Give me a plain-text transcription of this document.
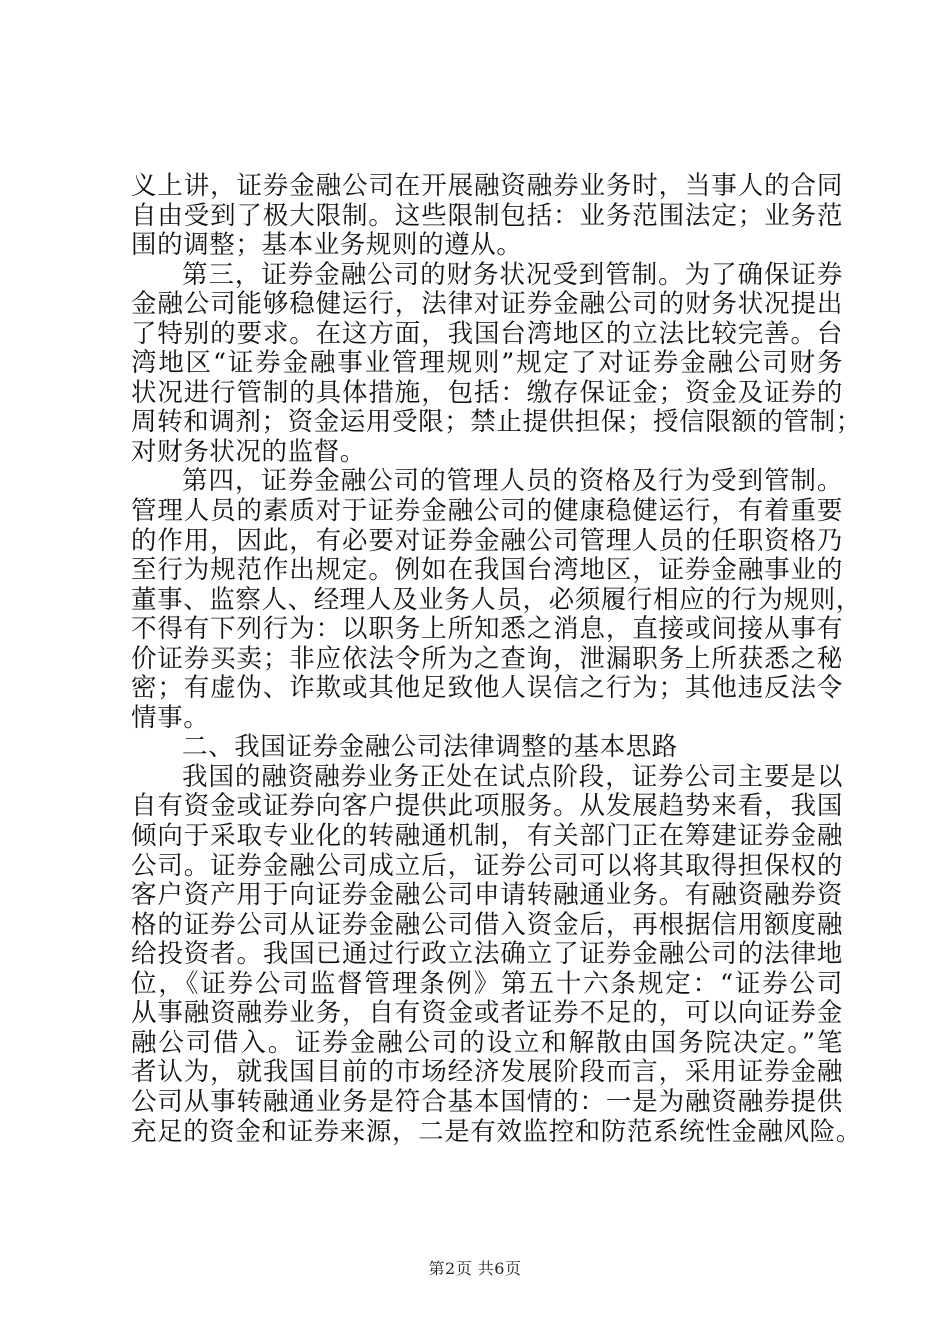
义上讲，证券金融公司在开展融资融券业务时，当事人的合同
自由受到了极大限制。这些限制包括：业务范围法定；业务范
围的调整；基本业务规则的遵从。
第三，证券金融公司的财务状况受到管制。为了确保证券
金融公司能够稳健运行，法律对证券金融公司的财务状况提出
了特别的要求。在这方面，我国台湾地区的立法比较完善。台
湾地区“证券金融事业管理规则”规定了对证券金融公司财务
状况进行管制的具体措施，包括：缴存保证金；资金及证券的
周转和调剂；资金运用受限；禁止提供担保；授信限额的管制；
对财务状况的监督。
第四，证券金融公司的管理人员的资格及行为受到管制。
管理人员的素质对于证券金融公司的健康稳健运行，有着重要
的作用，因此，有必要对证券金融公司管理人员的任职资格乃
至行为规范作出规定。例如在我国台湾地区，证券金融事业的
董事、监察人、经理人及业务人员，必须履行相应的行为规则，
不得有下列行为：以职务上所知悉之消息，直接或间接从事有
价证券买卖；非应依法令所为之查询，泄漏职务上所获悉之秘
密；有虚伪、诈欺或其他足致他人误信之行为；其他违反法令
情事。
二、我国证券金融公司法律调整的基本思路
我国的融资融券业务正处在试点阶段，证券公司主要是以
自有资金或证券向客户提供此项服务。从发展趋势来看，我国
倾向于采取专业化的转融通机制，有关部门正在筹建证券金融
公司。证券金融公司成立后，证券公司可以将其取得担保权的
客户资产用于向证券金融公司申请转融通业务。有融资融券资
格的证券公司从证券金融公司借入资金后，再根据信用额度融
给投资者。我国已通过行政立法确立了证券金融公司的法律地
位，《证券公司监督管理条例》第五十六条规定：“证券公司
从事融资融券业务，自有资金或者证券不足的，可以向证券金
融公司借入。证券金融公司的设立和解散由国务院决定。”笔
者认为，就我国目前的市场经济发展阶段而言，采用证券金融
公司从事转融通业务是符合基本国情的：一是为融资融券提供
充足的资金和证券来源，二是有效监控和防范系统性金融风险。
第2页 共6页
